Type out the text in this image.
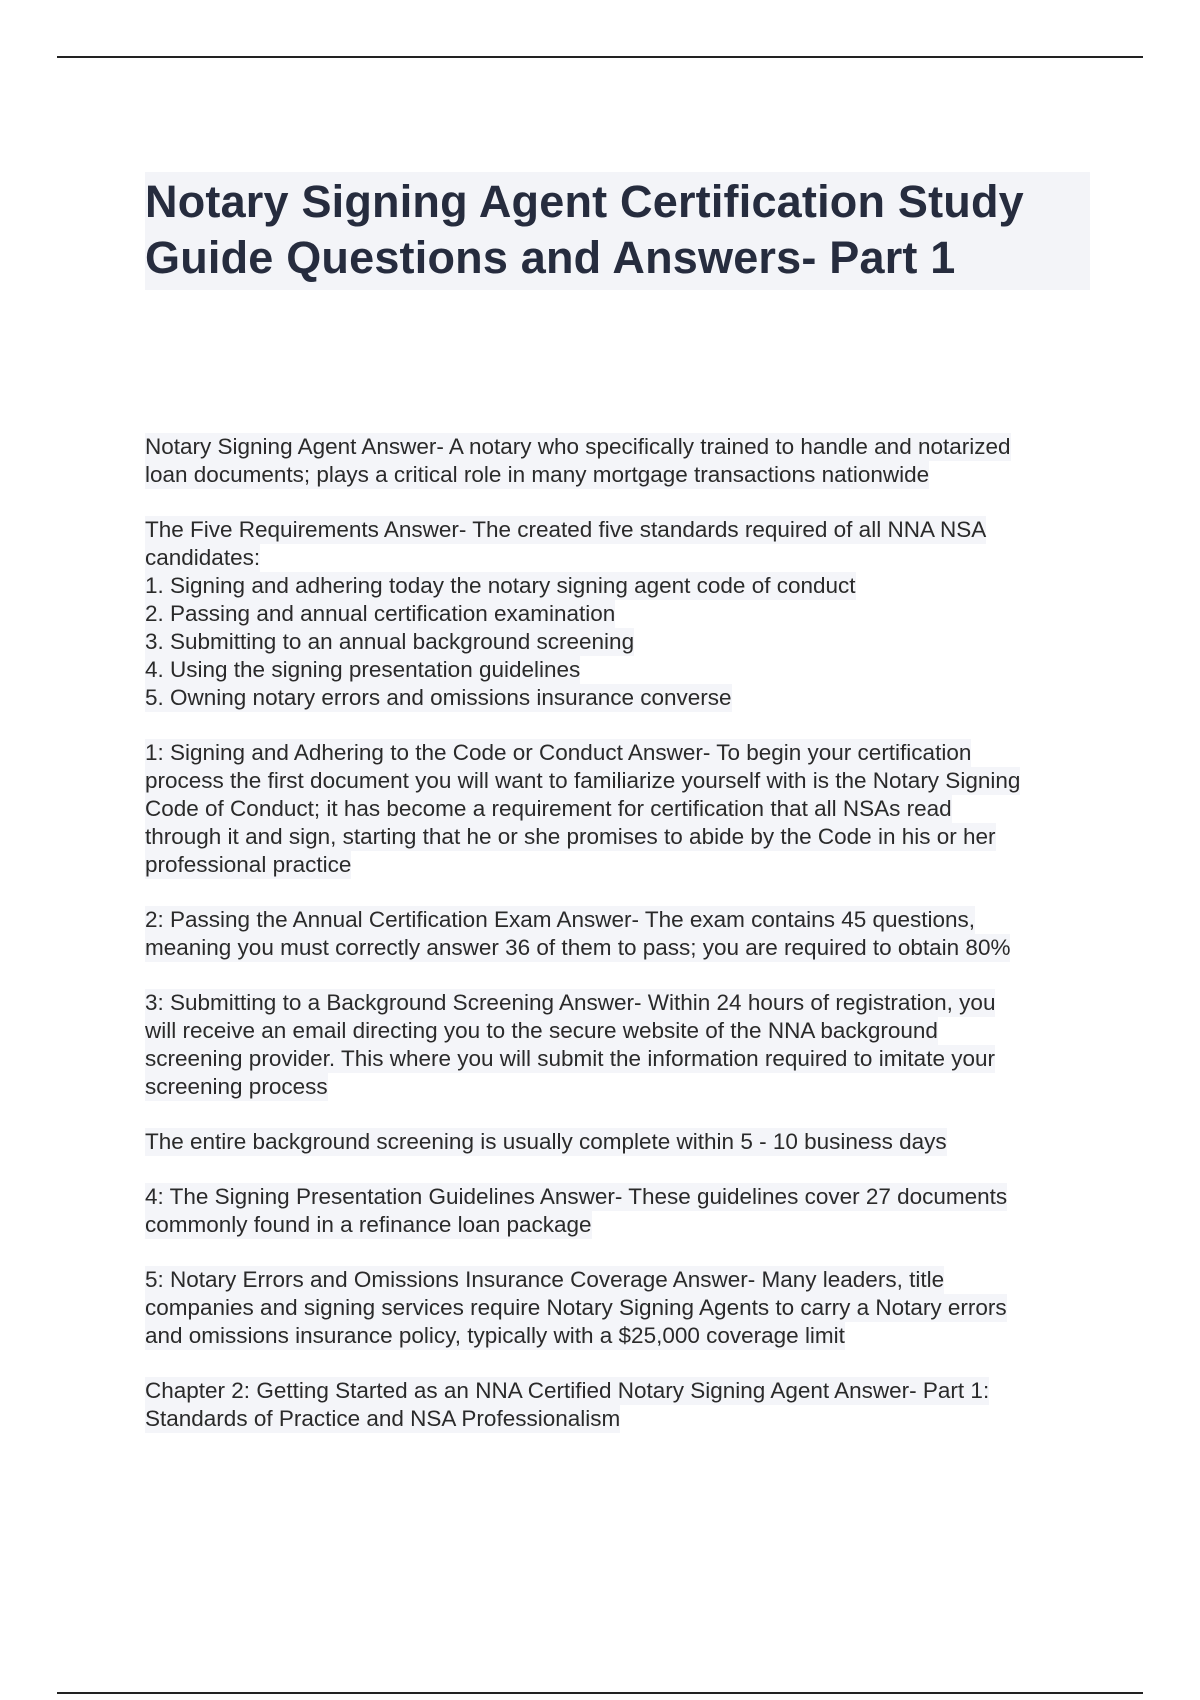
Notary Signing Agent Certification Study
Guide Questions and Answers- Part 1

Notary Signing Agent Answer- A notary who specifically trained to handle and notarized
loan documents; plays a critical role in many mortgage transactions nationwide

The Five Requirements Answer- The created five standards required of all NNA NSA
candidates:
1. Signing and adhering today the notary signing agent code of conduct
2. Passing and annual certification examination
3. Submitting to an annual background screening
4. Using the signing presentation guidelines
5. Owning notary errors and omissions insurance converse

1: Signing and Adhering to the Code or Conduct Answer- To begin your certification
process the first document you will want to familiarize yourself with is the Notary Signing
Code of Conduct; it has become a requirement for certification that all NSAs read
through it and sign, starting that he or she promises to abide by the Code in his or her
professional practice

2: Passing the Annual Certification Exam Answer- The exam contains 45 questions,
meaning you must correctly answer 36 of them to pass; you are required to obtain 80%

3: Submitting to a Background Screening Answer- Within 24 hours of registration, you
will receive an email directing you to the secure website of the NNA background
screening provider. This where you will submit the information required to imitate your
screening process

The entire background screening is usually complete within 5 - 10 business days

4: The Signing Presentation Guidelines Answer- These guidelines cover 27 documents
commonly found in a refinance loan package

5: Notary Errors and Omissions Insurance Coverage Answer- Many leaders, title
companies and signing services require Notary Signing Agents to carry a Notary errors
and omissions insurance policy, typically with a $25,000 coverage limit

Chapter 2: Getting Started as an NNA Certified Notary Signing Agent Answer- Part 1:
Standards of Practice and NSA Professionalism
